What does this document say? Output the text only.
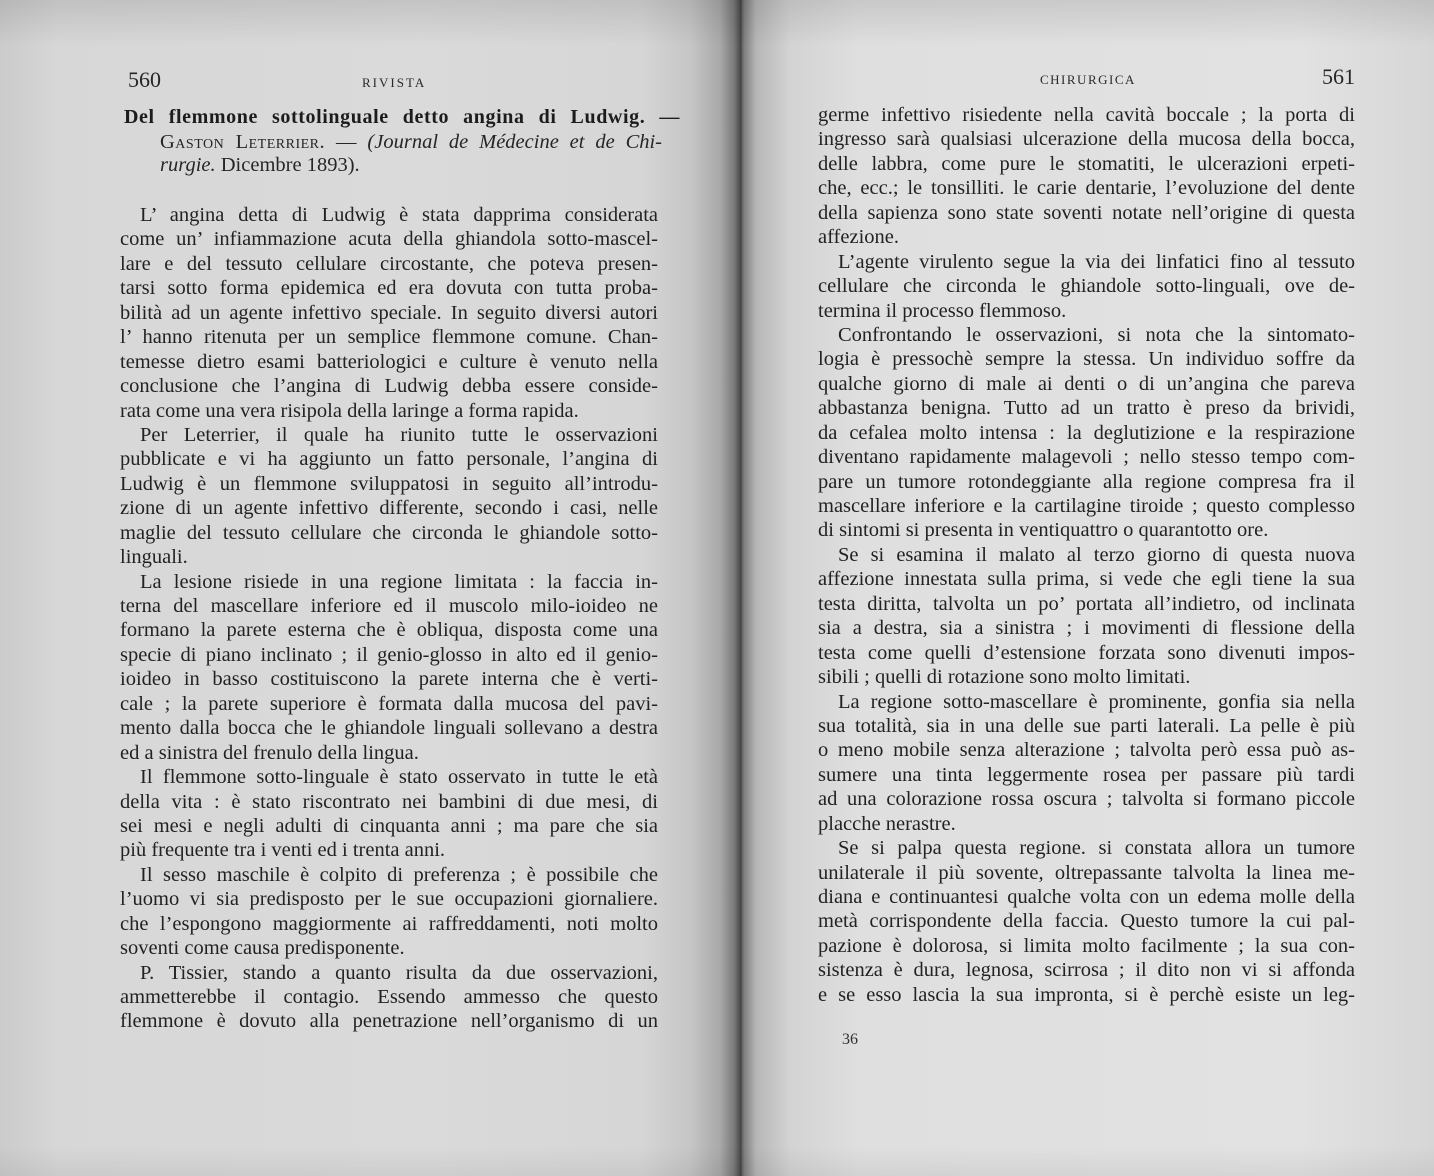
560	RIVISTA
Del flemmone sottolinguale detto angina di Ludwig. —
Gaston Leterrier. — (Journal de Médecine et de Chi-
rurgie. Dicembre 1893).
L’ angina detta di Ludwig è stata dapprima considerata
come un’ infiammazione acuta della ghiandola sotto-mascel-
lare e del tessuto cellulare circostante, che poteva presen-
tarsi sotto forma epidemica ed era dovuta con tutta proba-
bilità ad un agente infettivo speciale. In seguito diversi autori
l’ hanno ritenuta per un semplice flemmone comune. Chan-
temesse dietro esami batteriologici e culture è venuto nella
conclusione che l’angina di Ludwig debba essere conside-
rata come una vera risipola della laringe a forma rapida.
Per Leterrier, il quale ha riunito tutte le osservazioni
pubblicate e vi ha aggiunto un fatto personale, l’angina di
Ludwig è un flemmone sviluppatosi in seguito all’introdu-
zione di un agente infettivo differente, secondo i casi, nelle
maglie del tessuto cellulare che circonda le ghiandole sotto-
linguali.
La lesione risiede in una regione limitata : la faccia in-
terna del mascellare inferiore ed il muscolo milo-ioideo ne
formano la parete esterna che è obliqua, disposta come una
specie di piano inclinato ; il genio-glosso in alto ed il genio-
ioideo in basso costituiscono la parete interna che è verti-
cale ; la parete superiore è formata dalla mucosa del pavi-
mento dalla bocca che le ghiandole linguali sollevano a destra
ed a sinistra del frenulo della lingua.
Il flemmone sotto-linguale è stato osservato in tutte le età
della vita : è stato riscontrato nei bambini di due mesi, di
sei mesi e negli adulti di cinquanta anni ; ma pare che sia
più frequente tra i venti ed i trenta anni.
Il sesso maschile è colpito di preferenza ; è possibile che
l’uomo vi sia predisposto per le sue occupazioni giornaliere.
che l’espongono maggiormente ai raffreddamenti, noti molto
soventi come causa predisponente.
P. Tissier, stando a quanto risulta da due osservazioni,
ammetterebbe il contagio. Essendo ammesso che questo
flemmone è dovuto alla penetrazione nell’organismo di un
CHIRURGICA	561
germe infettivo risiedente nella cavità boccale ; la porta di
ingresso sarà qualsiasi ulcerazione della mucosa della bocca,
delle labbra, come pure le stomatiti, le ulcerazioni erpeti-
che, ecc.; le tonsilliti. le carie dentarie, l’evoluzione del dente
della sapienza sono state soventi notate nell’origine di questa
affezione.
L’agente virulento segue la via dei linfatici fino al tessuto
cellulare che circonda le ghiandole sotto-linguali, ove de-
termina il processo flemmoso.
Confrontando le osservazioni, si nota che la sintomato-
logia è pressochè sempre la stessa. Un individuo soffre da
qualche giorno di male ai denti o di un’angina che pareva
abbastanza benigna. Tutto ad un tratto è preso da brividi,
da cefalea molto intensa : la deglutizione e la respirazione
diventano rapidamente malagevoli ; nello stesso tempo com-
pare un tumore rotondeggiante alla regione compresa fra il
mascellare inferiore e la cartilagine tiroide ; questo complesso
di sintomi si presenta in ventiquattro o quarantotto ore.
Se si esamina il malato al terzo giorno di questa nuova
affezione innestata sulla prima, si vede che egli tiene la sua
testa diritta, talvolta un po’ portata all’indietro, od inclinata
sia a destra, sia a sinistra ; i movimenti di flessione della
testa come quelli d’estensione forzata sono divenuti impos-
sibili ; quelli di rotazione sono molto limitati.
La regione sotto-mascellare è prominente, gonfia sia nella
sua totalità, sia in una delle sue parti laterali. La pelle è più
o meno mobile senza alterazione ; talvolta però essa può as-
sumere una tinta leggermente rosea per passare più tardi
ad una colorazione rossa oscura ; talvolta si formano piccole
placche nerastre.
Se si palpa questa regione. si constata allora un tumore
unilaterale il più sovente, oltrepassante talvolta la linea me-
diana e continuantesi qualche volta con un edema molle della
metà corrispondente della faccia. Questo tumore la cui pal-
pazione è dolorosa, si limita molto facilmente ; la sua con-
sistenza è dura, legnosa, scirrosa ; il dito non vi si affonda
e se esso lascia la sua impronta, si è perchè esiste un leg-
36
